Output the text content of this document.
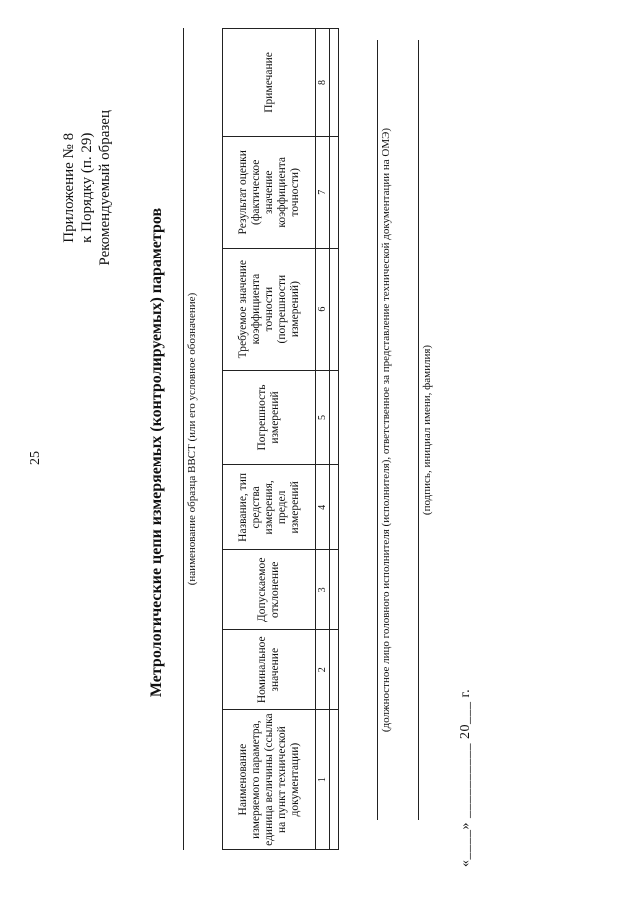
25
Приложение № 8 к Порядку (п. 29) Рекомендуемый образец
Метрологические цепи измеряемых (контролируемых) параметров (наименование образца ВВСТ (или его условное обозначение)
Наименование измеряемого параметра, единица величины (ссылка на пункт технической документации)	Номинальное значение	Допускаемое отклонение	Название, тип средства измерения, предел измерений	Погрешность измерений	Требуемое значение коэффициента точности (погрешности измерений)	Результат оценки (фактическое значение коэффициента точности)	Примечание
1	2	3	4	5	6	7	8

(должностное лицо головного исполнителя (исполнителя), ответственное за представление технической документации на ОМЭ)	(подпись, инициал имени, фамилия)
«____» __________ 20___ г.
